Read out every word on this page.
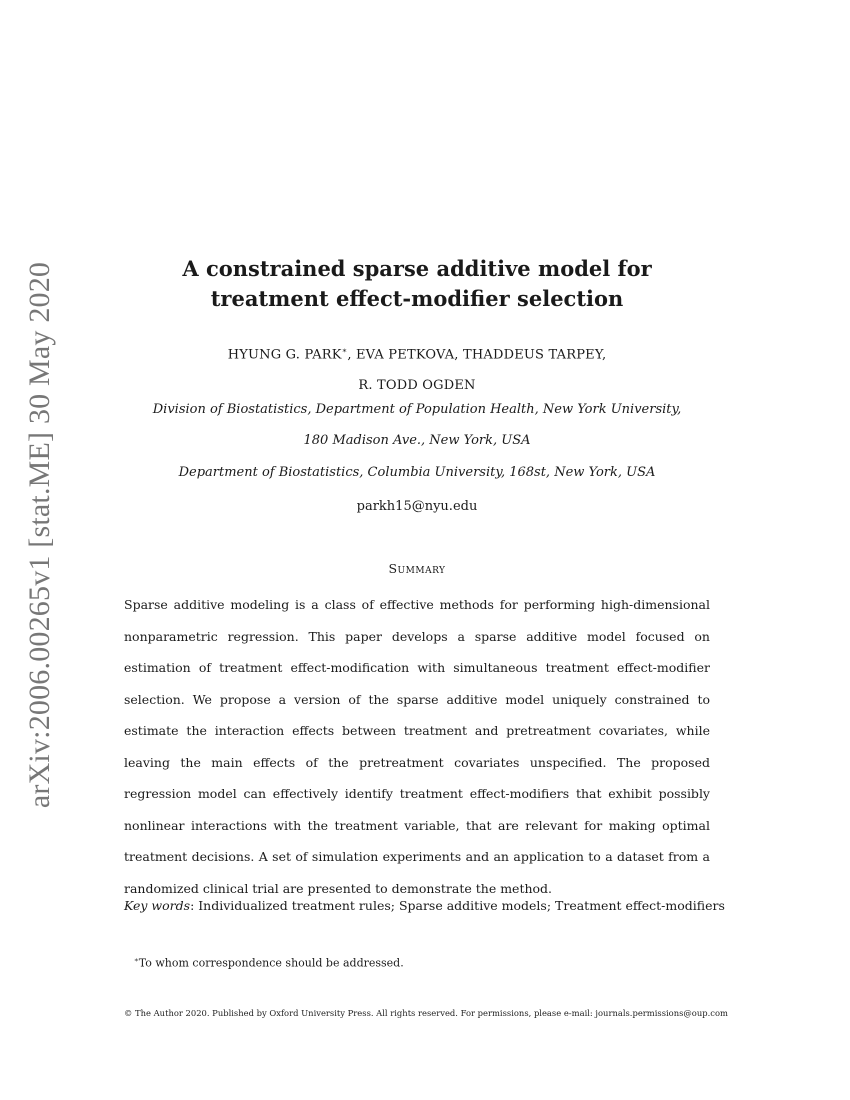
arXiv:2006.00265v1 [stat.ME] 30 May 2020	A constrained sparse additive model for
treatment effect-modifier selection
HYUNG G. PARK∗, EVA PETKOVA, THADDEUS TARPEY,
R. TODD OGDEN
Division of Biostatistics, Department of Population Health, New York University,
180 Madison Ave., New York, USA
Department of Biostatistics, Columbia University, 168st, New York, USA
parkh15@nyu.edu
Summary

Sparse additive modeling is a class of effective methods for performing high-dimensional nonparametric regression. This paper develops a sparse additive model focused on estimation of treatment effect-modification with simultaneous treatment effect-modifier selection. We propose a version of the sparse additive model uniquely constrained to estimate the interaction effects between treatment and pretreatment covariates, while leaving the main effects of the pretreatment covariates unspecified. The proposed regression model can effectively identify treatment effect-modifiers that exhibit possibly nonlinear interactions with the treatment variable, that are relevant for making optimal treatment decisions. A set of simulation experiments and an application to a dataset from a randomized clinical trial are presented to demonstrate the method.

Key words: Individualized treatment rules; Sparse additive models; Treatment effect-modifiers
∗To whom correspondence should be addressed.
© The Author 2020. Published by Oxford University Press. All rights reserved. For permissions, please e-mail: journals.permissions@oup.com
